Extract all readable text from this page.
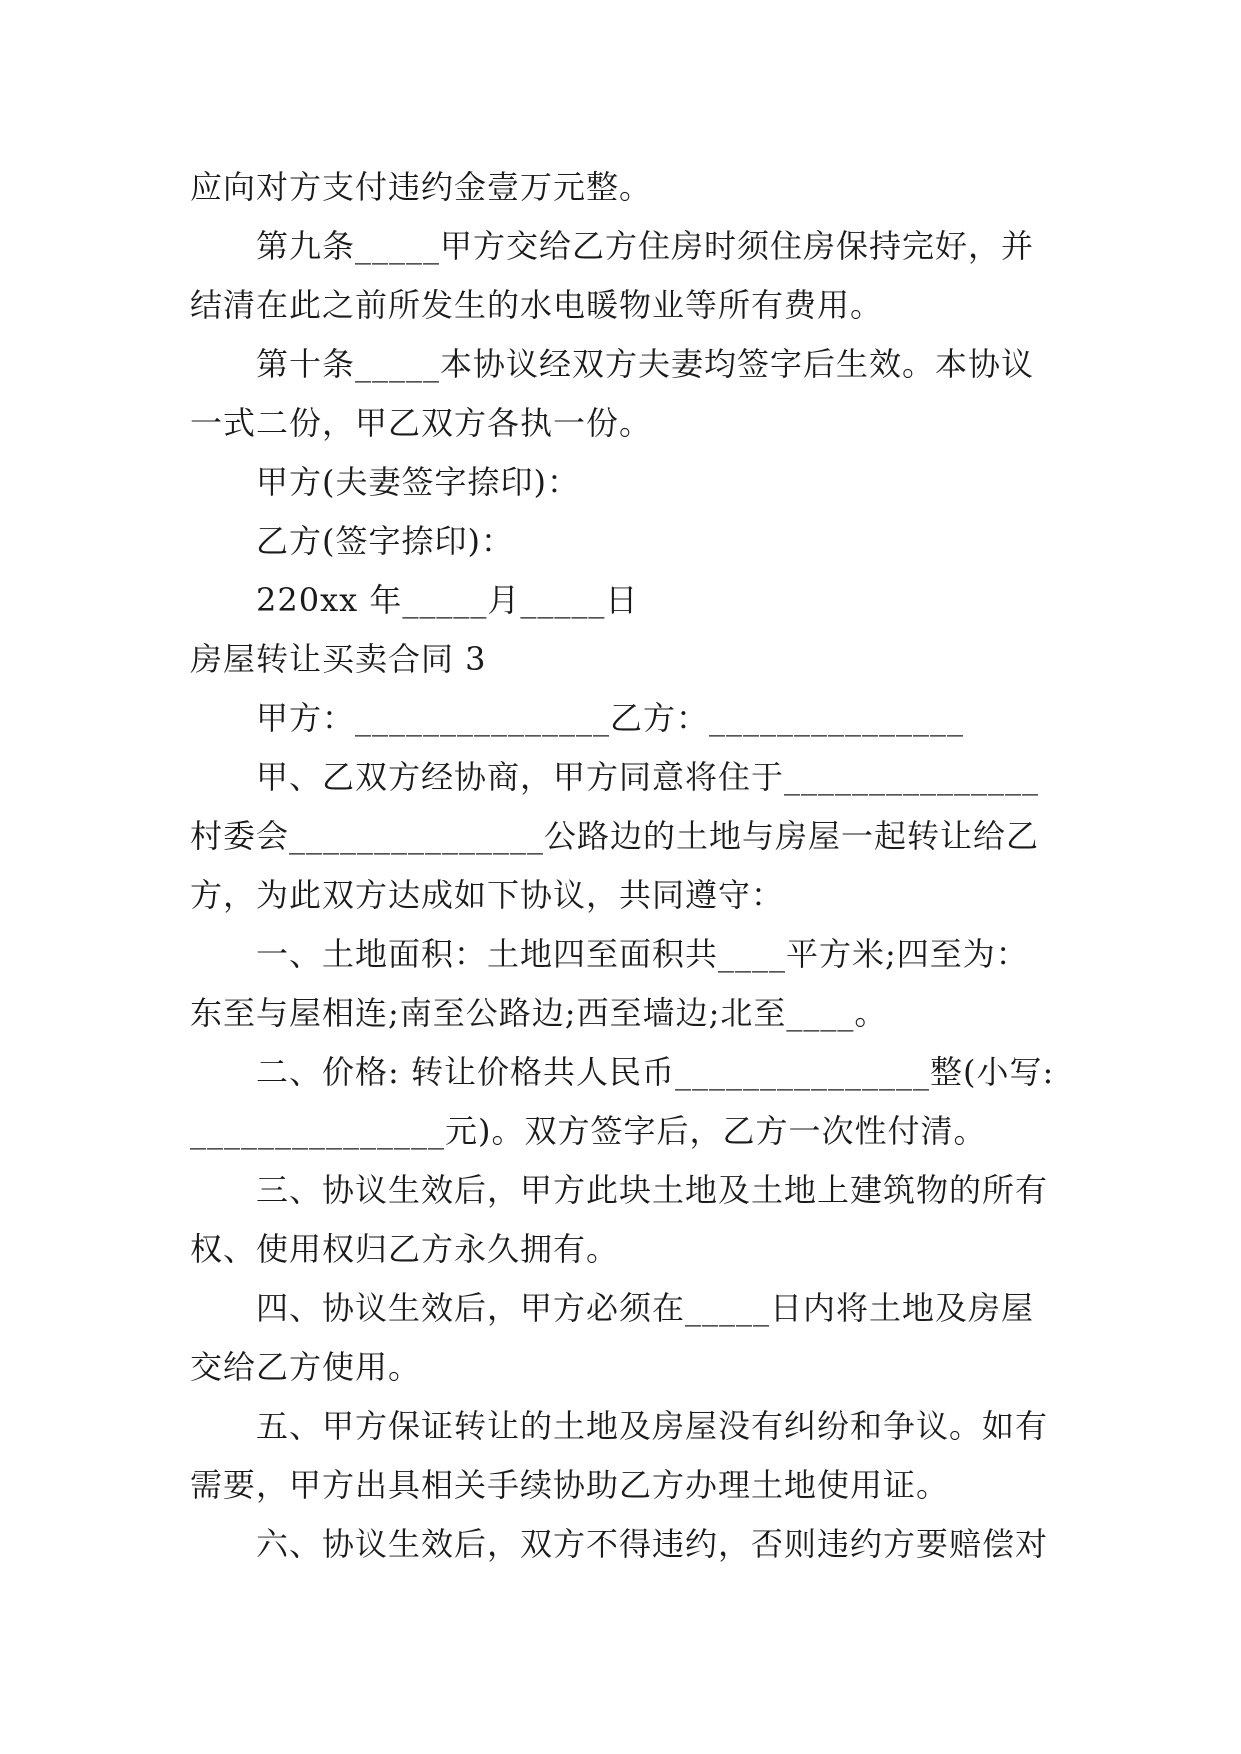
应向对方支付违约金壹万元整。
第九条_____甲方交给乙方住房时须住房保持完好，并
结清在此之前所发生的水电暖物业等所有费用。
第十条_____本协议经双方夫妻均签字后生效。本协议
一式二份，甲乙双方各执一份。
甲方(夫妻签字捺印)：
乙方(签字捺印)：
220xx 年_____月_____日
房屋转让买卖合同 3
甲方：_______________乙方：_______________
甲、乙双方经协商，甲方同意将住于_______________
村委会_______________公路边的土地与房屋一起转让给乙
方，为此双方达成如下协议，共同遵守：
一、土地面积：土地四至面积共____平方米;四至为：
东至与屋相连;南至公路边;西至墙边;北至____。
二、价格: 转让价格共人民币_______________整(小写:
_______________元)。双方签字后，乙方一次性付清。
三、协议生效后，甲方此块土地及土地上建筑物的所有
权、使用权归乙方永久拥有。
四、协议生效后，甲方必须在_____日内将土地及房屋
交给乙方使用。
五、甲方保证转让的土地及房屋没有纠纷和争议。如有
需要，甲方出具相关手续协助乙方办理土地使用证。
六、协议生效后，双方不得违约，否则违约方要赔偿对
